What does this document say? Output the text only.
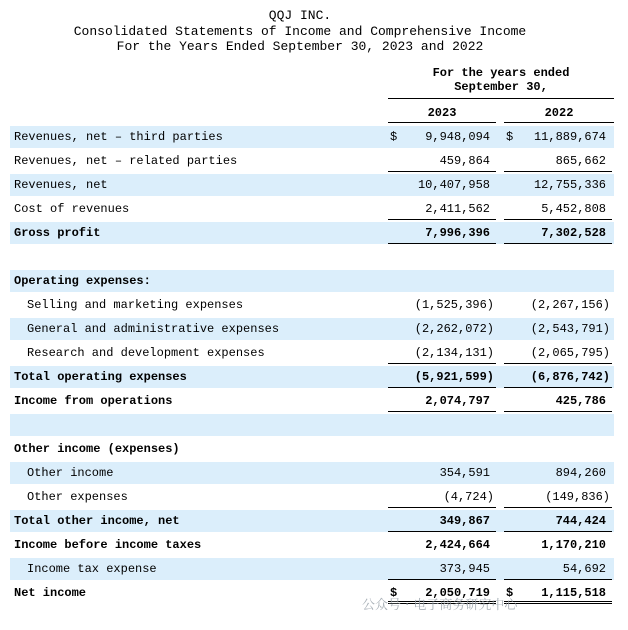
QQJ INC.
Consolidated Statements of Income and Comprehensive Income
For the Years Ended September 30, 2023 and 2022
For the years ended
September 30,
2023	2022
Revenues, net – third parties	$ 9,948,094 $ 11,889,674
Revenues, net – related parties	459,864	865,662
Revenues, net	10,407,958	12,755,336
Cost of revenues	2,411,562	5,452,808
Gross profit	7,996,396	7,302,528
Operating expenses:
Selling and marketing expenses	(1,525,396)	(2,267,156)
General and administrative expenses	(2,262,072)	(2,543,791)
Research and development expenses	(2,134,131)	(2,065,795)
Total operating expenses	(5,921,599)	(6,876,742)
Income from operations	2,074,797	425,786
Other income (expenses)
Other income	354,591	894,260
Other expenses	(4,724)	(149,836)
Total other income, net	349,867	744,424
Income before income taxes	2,424,664	1,170,210
Income tax expense	373,945	54,692
Net income	$ 2,050,719 $ 1,115,518
公众号 · 电子商务研究中心
